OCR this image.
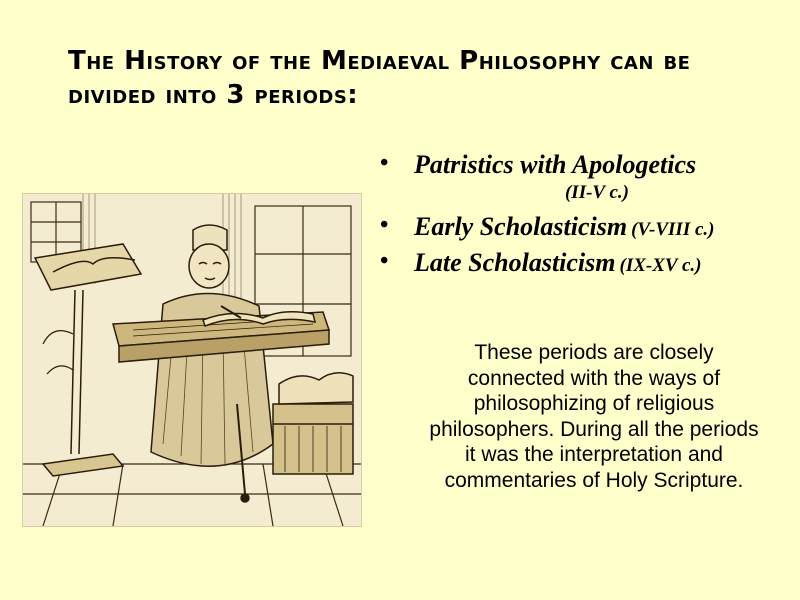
The History of the Mediaeval Philosophy can be divided into 3 periods:
• Patristics with Apologetics
(II-V c.)
• Early Scholasticism (V-VIII c.)
• Late Scholasticism (IX-XV c.)

These periods are closely connected with the ways of philosophizing of religious philosophers. During all the periods it was the interpretation and commentaries of Holy Scripture.
